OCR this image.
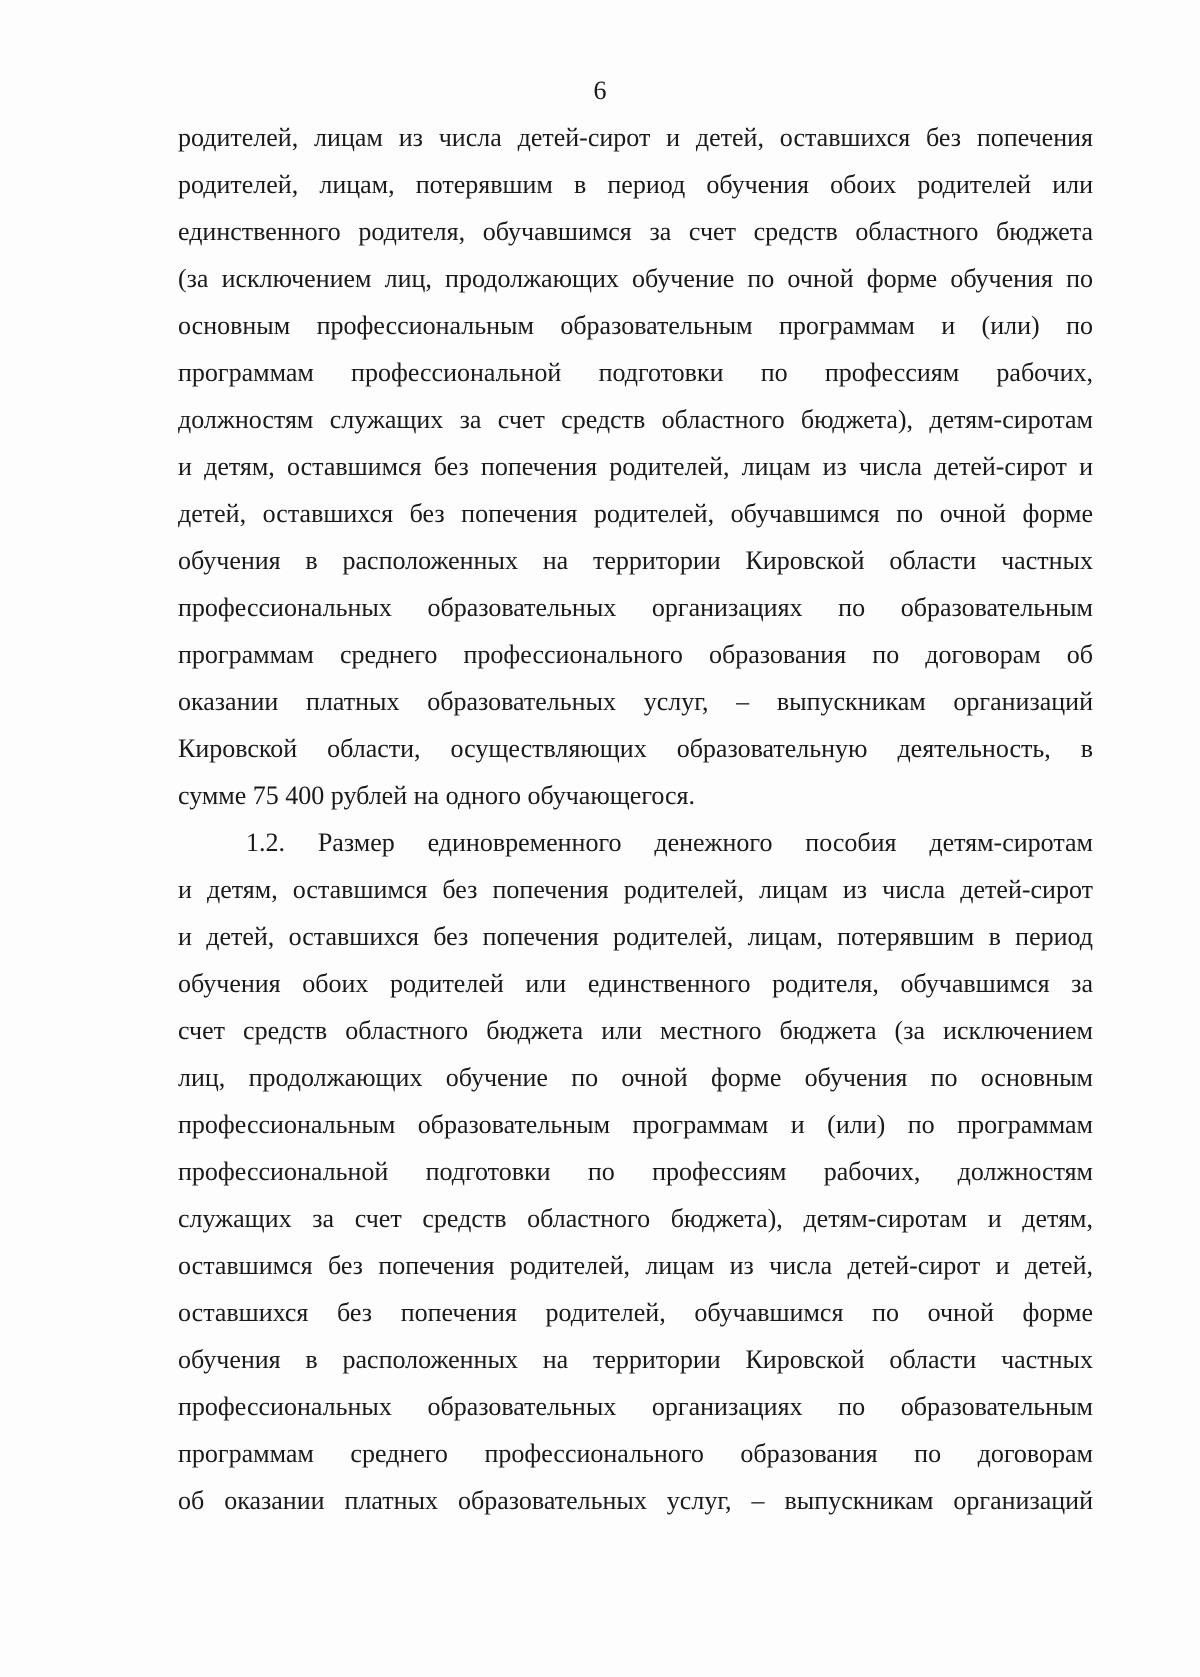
6
родителей, лицам из числа детей-сирот и детей, оставшихся без попечения
родителей, лицам, потерявшим в период обучения обоих родителей или
единственного родителя, обучавшимся за счет средств областного бюджета
(за исключением лиц, продолжающих обучение по очной форме обучения по
основным профессиональным образовательным программам и (или) по
программам профессиональной подготовки по профессиям рабочих,
должностям служащих за счет средств областного бюджета), детям-сиротам
и детям, оставшимся без попечения родителей, лицам из числа детей-сирот и
детей, оставшихся без попечения родителей, обучавшимся по очной форме
обучения в расположенных на территории Кировской области частных
профессиональных образовательных организациях по образовательным
программам среднего профессионального образования по договорам об
оказании платных образовательных услуг, – выпускникам организаций
Кировской области, осуществляющих образовательную деятельность, в
сумме 75 400 рублей на одного обучающегося.
1.2. Размер единовременного денежного пособия детям-сиротам
и детям, оставшимся без попечения родителей, лицам из числа детей-сирот
и детей, оставшихся без попечения родителей, лицам, потерявшим в период
обучения обоих родителей или единственного родителя, обучавшимся за
счет средств областного бюджета или местного бюджета (за исключением
лиц, продолжающих обучение по очной форме обучения по основным
профессиональным образовательным программам и (или) по программам
профессиональной подготовки по профессиям рабочих, должностям
служащих за счет средств областного бюджета), детям-сиротам и детям,
оставшимся без попечения родителей, лицам из числа детей-сирот и детей,
оставшихся без попечения родителей, обучавшимся по очной форме
обучения в расположенных на территории Кировской области частных
профессиональных образовательных организациях по образовательным
программам среднего профессионального образования по договорам
об оказании платных образовательных услуг, – выпускникам организаций
